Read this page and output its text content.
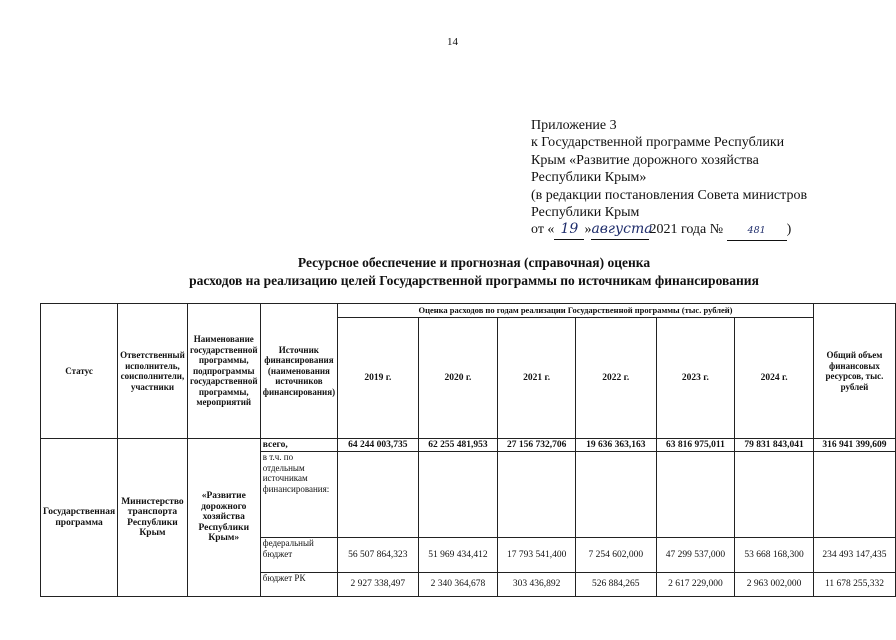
14
Приложение 3
к Государственной программе Республики
Крым «Развитие дорожного хозяйства
Республики Крым»
(в редакции постановления Совета министров
Республики Крым
от « 19 »августа2021 года №	481 )
Ресурсное обеспечение и прогнозная (справочная) оценка
расходов на реализацию целей Государственной программы по источникам финансирования
Статус	Ответственный исполнитель, соисполнители, участники	Наименование государственной программы, подпрограммы государственной программы, мероприятий	Источник финансирования (наименования источников финансирования)	Оценка расходов по годам реализации Государственной программы (тыс. рублей)						Общий объем финансовых ресурсов, тыс. рублей
				2019 г.	2020 г.	2021 г.	2022 г.	2023 г.	2024 г.	
Государственная программа	Министерство транспорта Республики Крым	«Развитие дорожного хозяйства Республики Крым»	всего,	64 244 003,735	62 255 481,953	27 156 732,706	19 636 363,163	63 816 975,011	79 831 843,041	316 941 399,609
			в т.ч. по отдельным источникам финансирования:							
			федеральный бюджет	56 507 864,323	51 969 434,412	17 793 541,400	7 254 602,000	47 299 537,000	53 668 168,300	234 493 147,435
			бюджет РК	2 927 338,497	2 340 364,678	303 436,892	526 884,265	2 617 229,000	2 963 002,000	11 678 255,332
